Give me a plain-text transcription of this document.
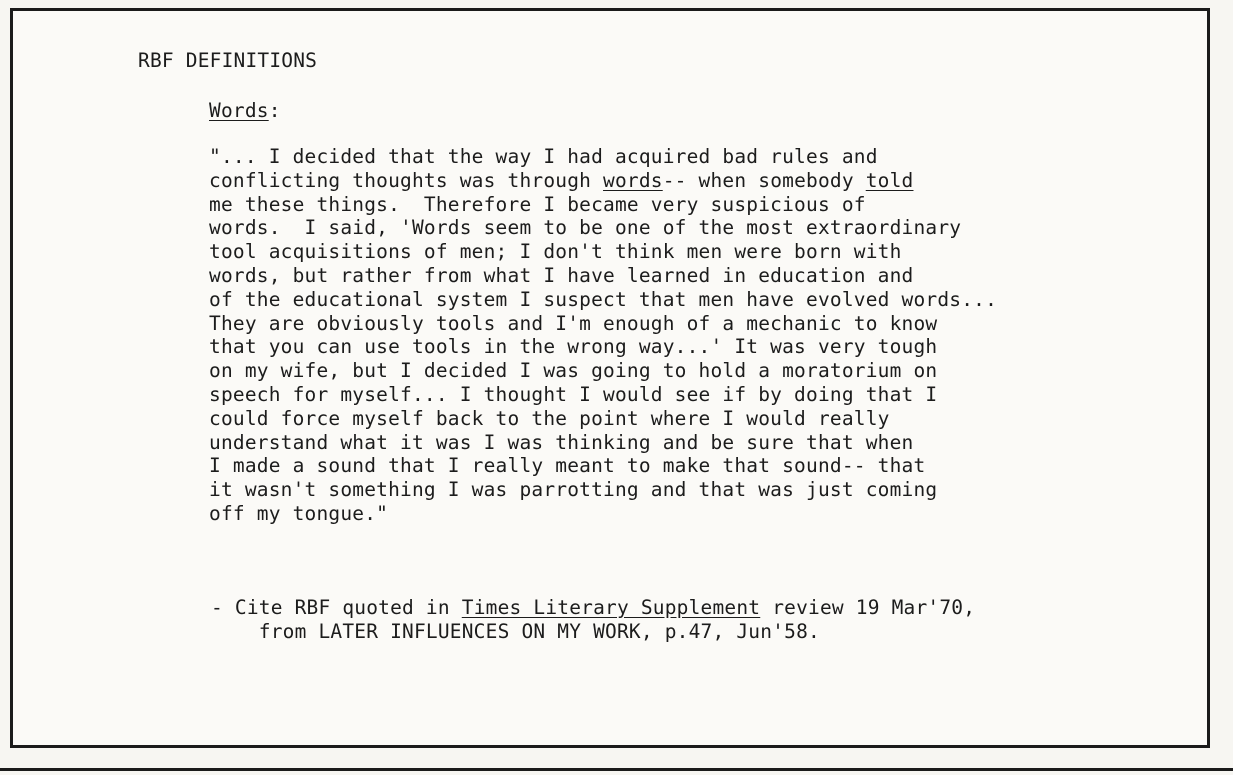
RBF DEFINITIONS
Words:

"... I decided that the way I had acquired bad rules and
conflicting thoughts was through words-- when somebody told
me these things.  Therefore I became very suspicious of
words.  I said, 'Words seem to be one of the most extraordinary
tool acquisitions of men; I don't think men were born with
words, but rather from what I have learned in education and
of the educational system I suspect that men have evolved words...
They are obviously tools and I'm enough of a mechanic to know
that you can use tools in the wrong way...' It was very tough
on my wife, but I decided I was going to hold a moratorium on
speech for myself... I thought I would see if by doing that I
could force myself back to the point where I would really
understand what it was I was thinking and be sure that when
I made a sound that I really meant to make that sound-- that
it wasn't something I was parrotting and that was just coming
off my tongue."

- Cite RBF quoted in Times Literary Supplement review 19 Mar'70,
from LATER INFLUENCES ON MY WORK, p.47, Jun'58.
